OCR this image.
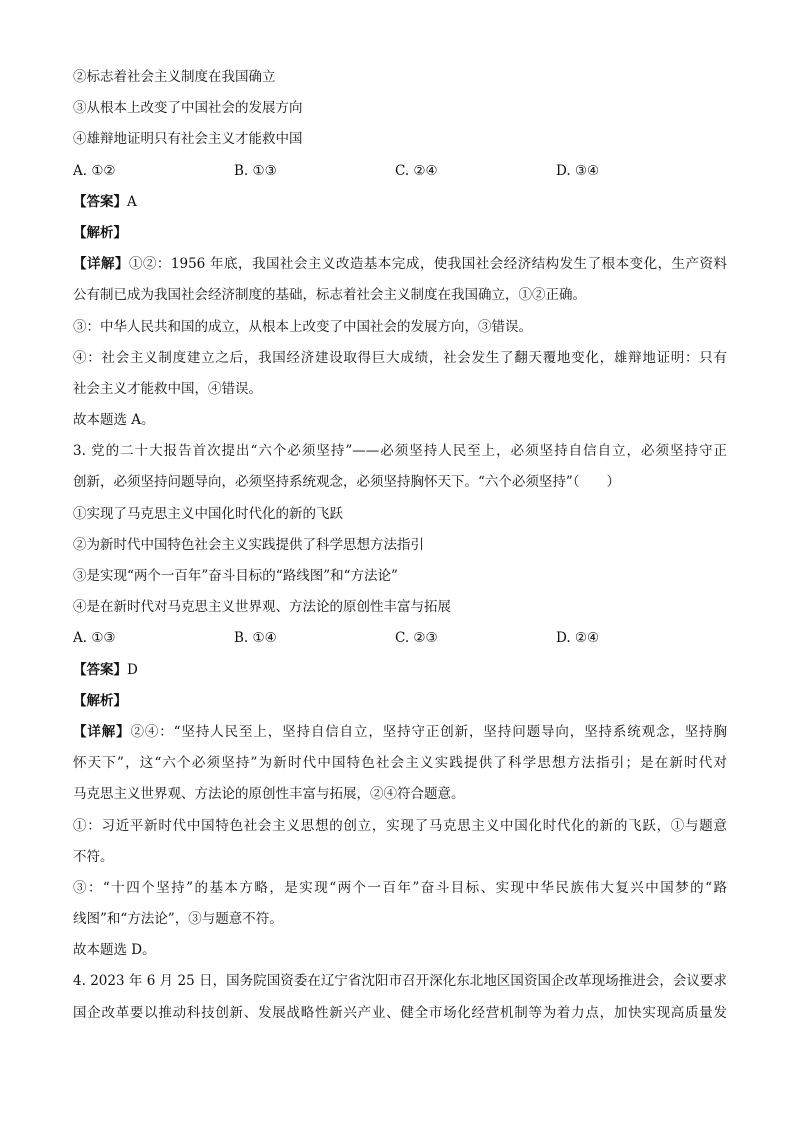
②标志着社会主义制度在我国确立
③从根本上改变了中国社会的发展方向
④雄辩地证明只有社会主义才能救中国
A. ①②	B. ①③	C. ②④	D. ③④
【答案】A
【解析】
【详解】①②：1956 年底，我国社会主义改造基本完成，使我国社会经济结构发生了根本变化，生产资料
公有制已成为我国社会经济制度的基础，标志着社会主义制度在我国确立，①②正确。
③：中华人民共和国的成立，从根本上改变了中国社会的发展方向，③错误。
④：社会主义制度建立之后，我国经济建设取得巨大成绩，社会发生了翻天覆地变化，雄辩地证明：只有
社会主义才能救中国，④错误。
故本题选 A。
3. 党的二十大报告首次提出“六个必须坚持”——必须坚持人民至上，必须坚持自信自立，必须坚持守正
创新，必须坚持问题导向，必须坚持系统观念，必须坚持胸怀天下。“六个必须坚持”（　　）
①实现了马克思主义中国化时代化的新的飞跃
②为新时代中国特色社会主义实践提供了科学思想方法指引
③是实现“两个一百年”奋斗目标的“路线图”和“方法论”
④是在新时代对马克思主义世界观、方法论的原创性丰富与拓展
A. ①③	B. ①④	C. ②③	D. ②④
【答案】D
【解析】
【详解】②④：“坚持人民至上，坚持自信自立，坚持守正创新，坚持问题导向，坚持系统观念，坚持胸
怀天下”，这“六个必须坚持”为新时代中国特色社会主义实践提供了科学思想方法指引；是在新时代对
马克思主义世界观、方法论的原创性丰富与拓展，②④符合题意。
①：习近平新时代中国特色社会主义思想的创立，实现了马克思主义中国化时代化的新的飞跃，①与题意
不符。
③：“十四个坚持”的基本方略，是实现“两个一百年”奋斗目标、实现中华民族伟大复兴中国梦的“路
线图”和“方法论”，③与题意不符。
故本题选 D。
4. 2023 年 6 月 25 日，国务院国资委在辽宁省沈阳市召开深化东北地区国资国企改革现场推进会，会议要求
国企改革要以推动科技创新、发展战略性新兴产业、健全市场化经营机制等为着力点，加快实现高质量发
